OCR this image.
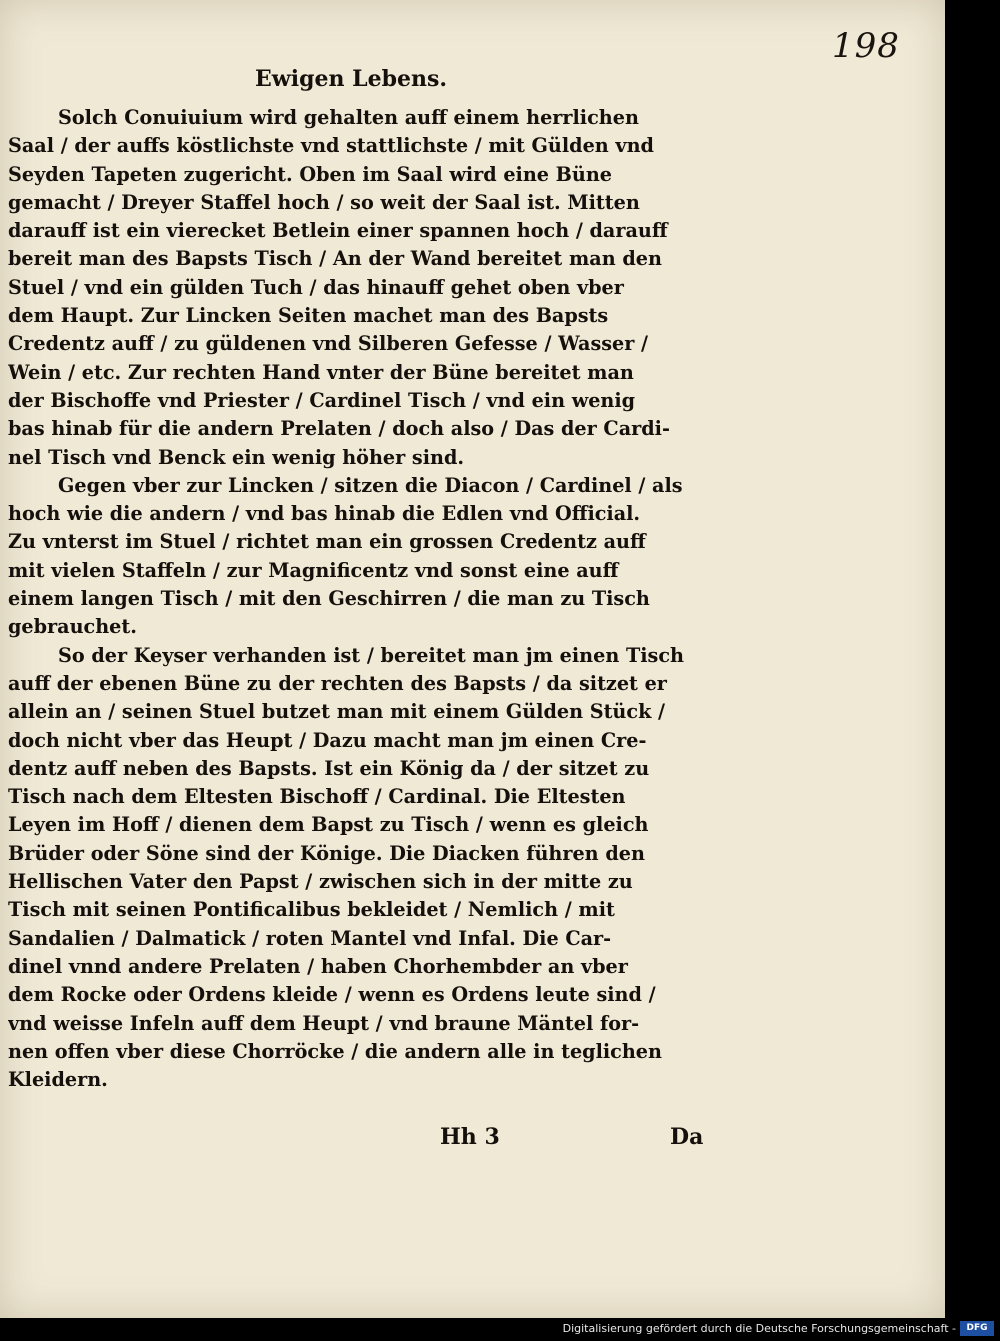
198
Ewigen Lebens.
Solch Conuiuium wird gehalten auff einem herrlichen
Saal / der auffs köstlichste vnd stattlichste / mit Gülden vnd
Seyden Tapeten zugericht. Oben im Saal wird eine Büne
gemacht / Dreyer Staffel hoch / so weit der Saal ist. Mitten
darauff ist ein vierecket Betlein einer spannen hoch / darauff
bereit man des Bapsts Tisch / An der Wand bereitet man den
Stuel / vnd ein gülden Tuch / das hinauff gehet oben vber
dem Haupt. Zur Lincken Seiten machet man des Bapsts
Credentz auff / zu güldenen vnd Silberen Gefesse / Wasser /
Wein / etc. Zur rechten Hand vnter der Büne bereitet man
der Bischoffe vnd Priester / Cardinel Tisch / vnd ein wenig
bas hinab für die andern Prelaten / doch also / Das der Cardi-
nel Tisch vnd Benck ein wenig höher sind.
Gegen vber zur Lincken / sitzen die Diacon / Cardinel / als
hoch wie die andern / vnd bas hinab die Edlen vnd Official.
Zu vnterst im Stuel / richtet man ein grossen Credentz auff
mit vielen Staffeln / zur Magnificentz vnd sonst eine auff
einem langen Tisch / mit den Geschirren / die man zu Tisch
gebrauchet.
So der Keyser verhanden ist / bereitet man jm einen Tisch
auff der ebenen Büne zu der rechten des Bapsts / da sitzet er
allein an / seinen Stuel butzet man mit einem Gülden Stück /
doch nicht vber das Heupt / Dazu macht man jm einen Cre-
dentz auff neben des Bapsts. Ist ein König da / der sitzet zu
Tisch nach dem Eltesten Bischoff / Cardinal. Die Eltesten
Leyen im Hoff / dienen dem Bapst zu Tisch / wenn es gleich
Brüder oder Söne sind der Könige. Die Diacken führen den
Hellischen Vater den Papst / zwischen sich in der mitte zu
Tisch mit seinen Pontificalibus bekleidet / Nemlich / mit
Sandalien / Dalmatick / roten Mantel vnd Infal. Die Car-
dinel vnnd andere Prelaten / haben Chorhembder an vber
dem Rocke oder Ordens kleide / wenn es Ordens leute sind /
vnd weisse Infeln auff dem Heupt / vnd braune Mäntel for-
nen offen vber diese Chorröcke / die andern alle in teglichen
Kleidern.
Hh 3	Da
Digitalisierung gefördert durch die Deutsche Forschungsgemeinschaft -	DFG
